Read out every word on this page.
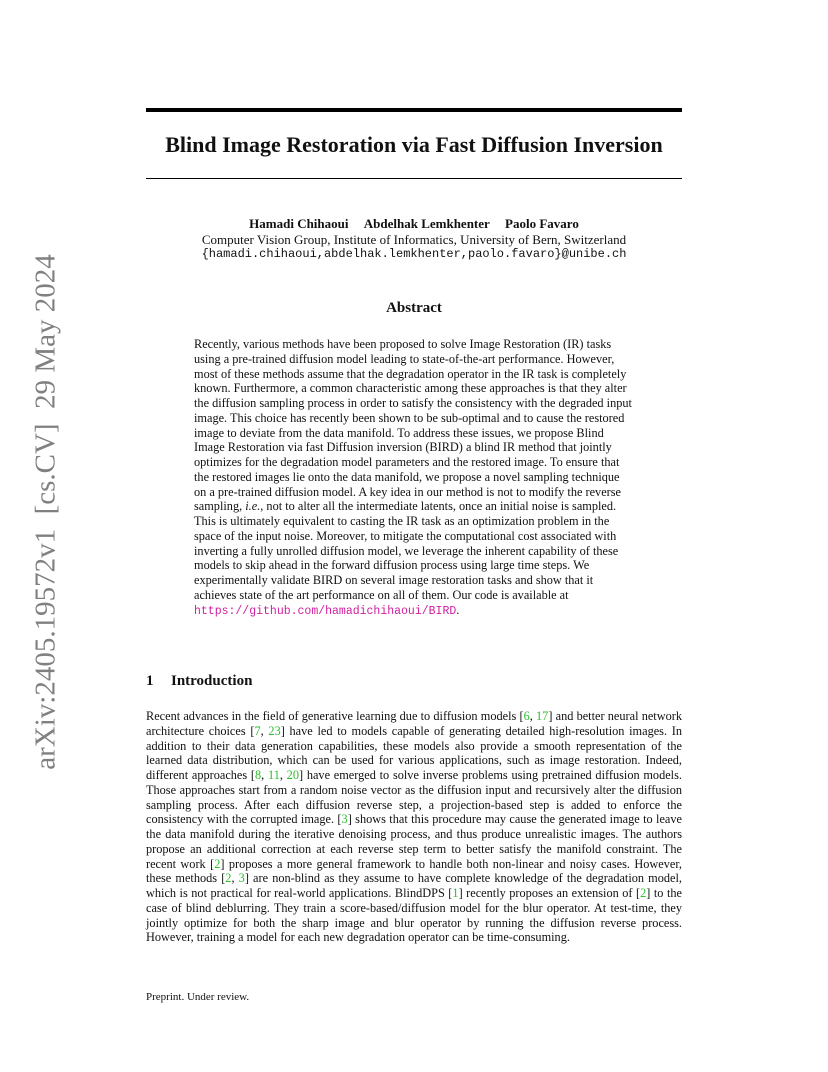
arXiv:2405.19572v1  [cs.CV]  29 May 2024
Blind Image Restoration via Fast Diffusion Inversion
Hamadi Chihaoui Abdelhak Lemkhenter Paolo Favaro
Computer Vision Group, Institute of Informatics, University of Bern, Switzerland
{hamadi.chihaoui,abdelhak.lemkhenter,paolo.favaro}@unibe.ch
Abstract

Recently, various methods have been proposed to solve Image Restoration (IR) tasks using a pre-trained diffusion model leading to state-of-the-art performance. However, most of these methods assume that the degradation operator in the IR task is completely known. Furthermore, a common characteristic among these approaches is that they alter the diffusion sampling process in order to satisfy the consistency with the degraded input image. This choice has recently been shown to be sub-optimal and to cause the restored image to deviate from the data manifold. To address these issues, we propose Blind Image Restoration via fast Diffusion inversion (BIRD) a blind IR method that jointly optimizes for the degradation model parameters and the restored image. To ensure that the restored images lie onto the data manifold, we propose a novel sampling technique on a pre-trained diffusion model. A key idea in our method is not to modify the reverse sampling, i.e., not to alter all the intermediate latents, once an initial noise is sampled. This is ultimately equivalent to casting the IR task as an optimization problem in the space of the input noise. Moreover, to mitigate the computational cost associated with inverting a fully unrolled diffusion model, we leverage the inherent capability of these models to skip ahead in the forward diffusion process using large time steps. We experimentally validate BIRD on several image restoration tasks and show that it achieves state of the art performance on all of them. Our code is available at https://github.com/hamadichihaoui/BIRD.

1 Introduction

Recent advances in the field of generative learning due to diffusion models [6, 17] and better neural network architecture choices [7, 23] have led to models capable of generating detailed high-resolution images. In addition to their data generation capabilities, these models also provide a smooth representation of the learned data distribution, which can be used for various applications, such as image restoration. Indeed, different approaches [8, 11, 20] have emerged to solve inverse problems using pretrained diffusion models. Those approaches start from a random noise vector as the diffusion input and recursively alter the diffusion sampling process. After each diffusion reverse step, a projection-based step is added to enforce the consistency with the corrupted image. [3] shows that this procedure may cause the generated image to leave the data manifold during the iterative denoising process, and thus produce unrealistic images. The authors propose an additional correction at each reverse step term to better satisfy the manifold constraint. The recent work [2] proposes a more general framework to handle both non-linear and noisy cases. However, these methods [2, 3] are non-blind as they assume to have complete knowledge of the degradation model, which is not practical for real-world applications. BlindDPS [1] recently proposes an extension of [2] to the case of blind deblurring. They train a score-based/diffusion model for the blur operator. At test-time, they jointly optimize for both the sharp image and blur operator by running the diffusion reverse process. However, training a model for each new degradation operator can be time-consuming.

Preprint. Under review.
